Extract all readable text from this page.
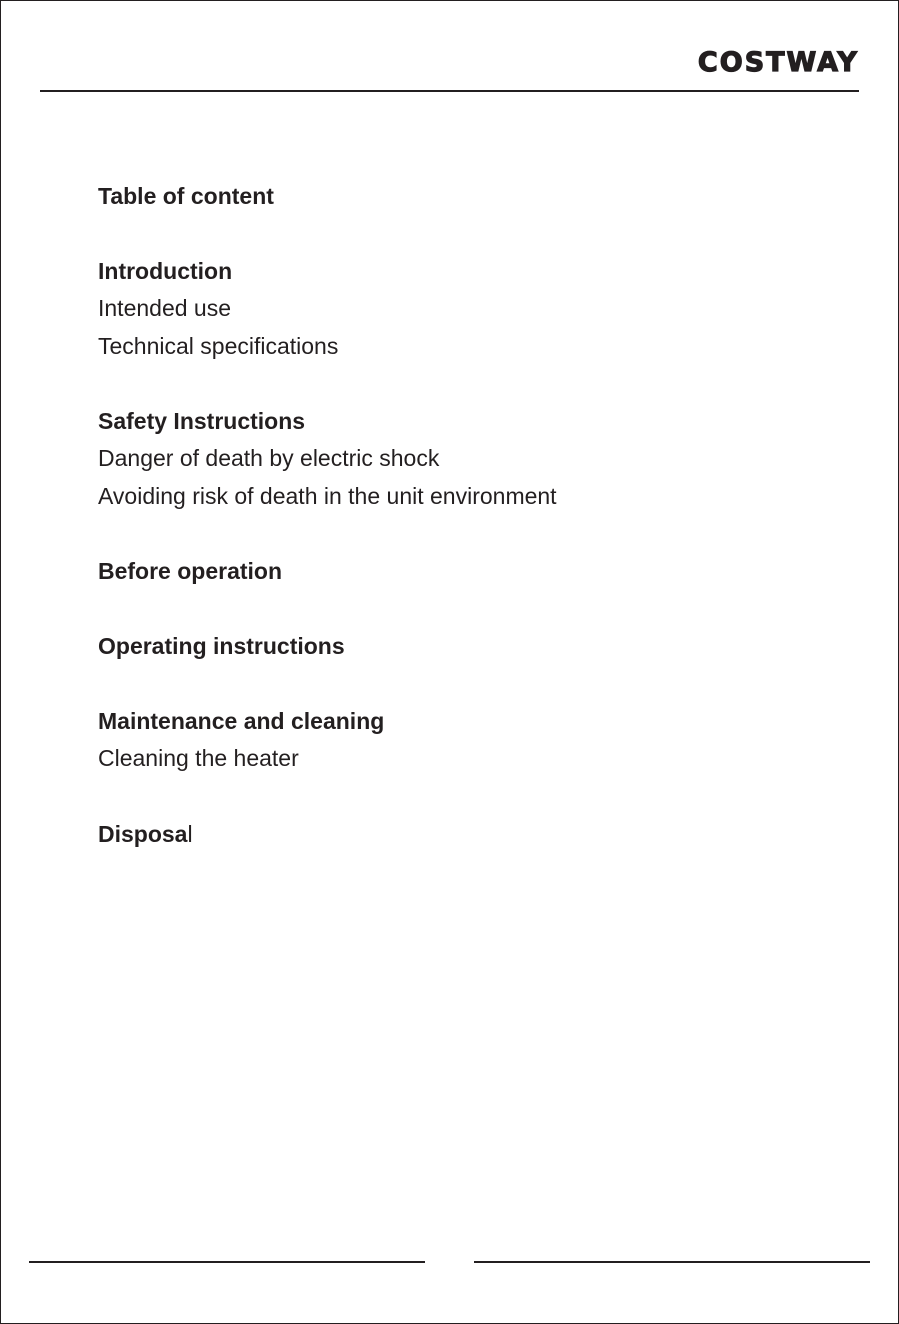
COSTWAY
Table of content
Introduction
Intended use
Technical specifications
Safety Instructions
Danger of death by electric shock
Avoiding risk of death in the unit environment
Before operation
Operating instructions
Maintenance and cleaning
Cleaning the heater
Disposal
